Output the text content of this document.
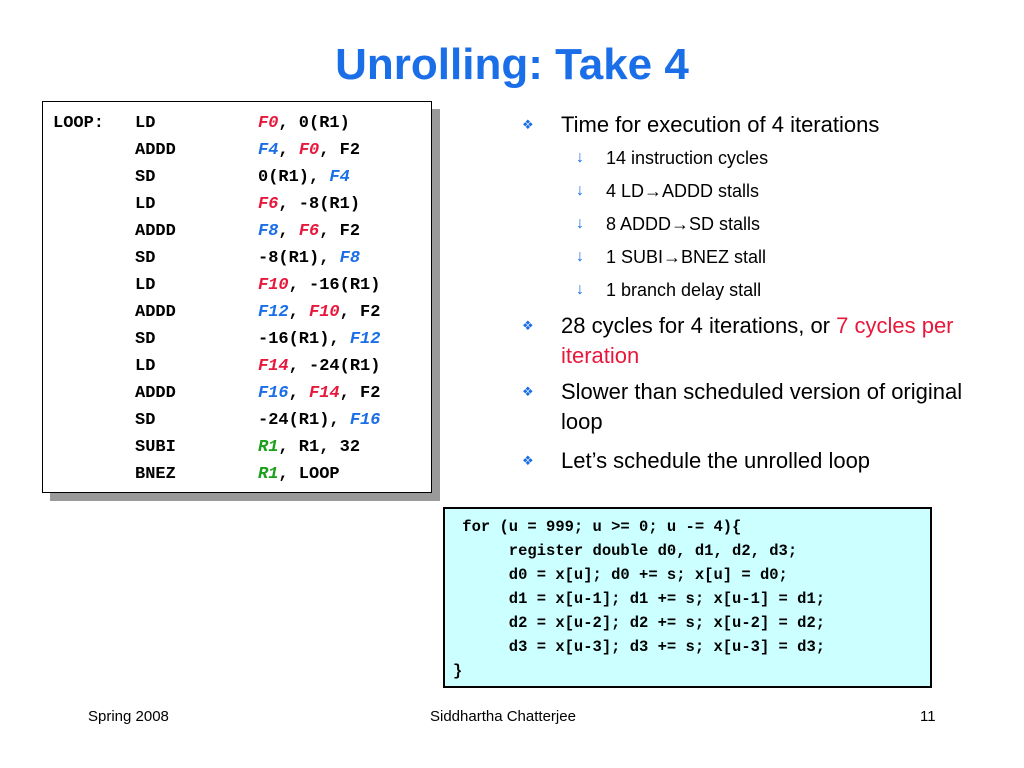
Unrolling: Take 4
LOOP: LD	F0, 0(R1)
ADDD	F4, F0, F2
SD	0(R1), F4
LD	F6, -8(R1)
ADDD	F8, F6, F2
SD	-8(R1), F8
LD	F10, -16(R1)
ADDD	F12, F10, F2
SD	-16(R1), F12
LD	F14, -24(R1)
ADDD	F16, F14, F2
SD	-24(R1), F16
SUBI	R1, R1, 32
BNEZ	R1, LOOP
❖ Time for execution of 4 iterations
↓ 14 instruction cycles
↓ 4 LD→ADDD stalls
↓ 8 ADDD→SD stalls
↓ 1 SUBI→BNEZ stall
↓ 1 branch delay stall
❖ 28 cycles for 4 iterations, or 7 cycles per iteration
❖ Slower than scheduled version of original loop
❖ Let’s schedule the unrolled loop
for (u = 999; u >= 0; u -= 4){
register double d0, d1, d2, d3;
d0 = x[u]; d0 += s; x[u] = d0;
d1 = x[u-1]; d1 += s; x[u-1] = d1;
d2 = x[u-2]; d2 += s; x[u-2] = d2;
d3 = x[u-3]; d3 += s; x[u-3] = d3;
}
Spring 2008	Siddhartha Chatterjee	11
